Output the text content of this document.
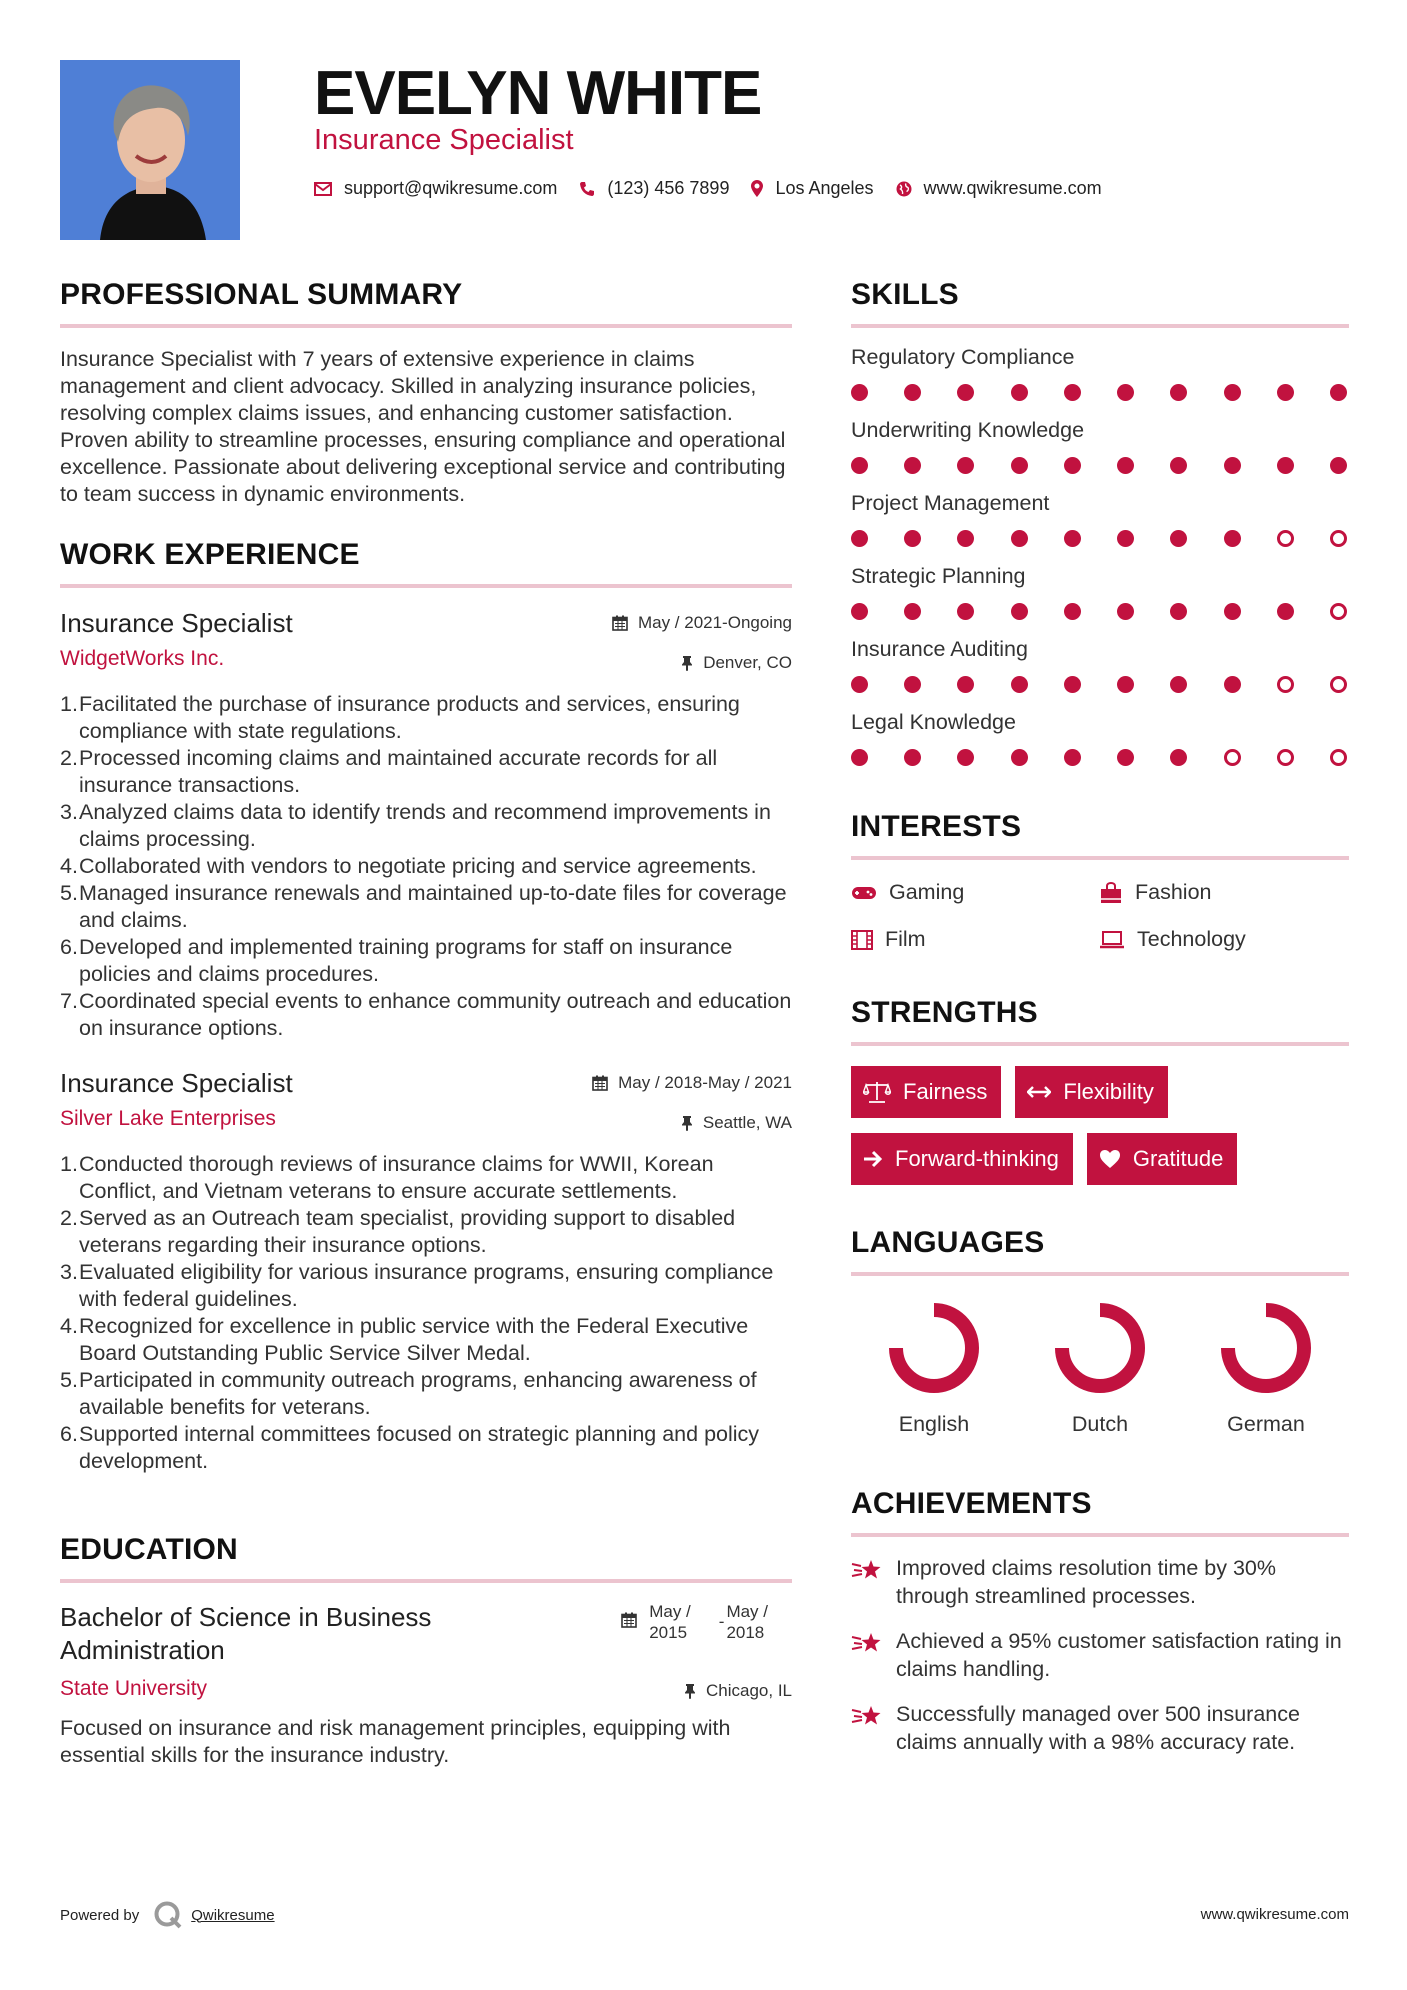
EVELYN WHITE
Insurance Specialist
support@qwikresume.com	(123) 456 7899	Los Angeles	www.qwikresume.com
PROFESSIONAL SUMMARY
Insurance Specialist with 7 years of extensive experience in claims management and client advocacy. Skilled in analyzing insurance policies, resolving complex claims issues, and enhancing customer satisfaction. Proven ability to streamline processes, ensuring compliance and operational excellence. Passionate about delivering exceptional service and contributing to team success in dynamic environments.
WORK EXPERIENCE
Insurance Specialist	May / 2021-Ongoing
WidgetWorks Inc.	Denver, CO
1. Facilitated the purchase of insurance products and services, ensuring compliance with state regulations.
2. Processed incoming claims and maintained accurate records for all insurance transactions.
3. Analyzed claims data to identify trends and recommend improvements in claims processing.
4. Collaborated with vendors to negotiate pricing and service agreements.
5. Managed insurance renewals and maintained up-to-date files for coverage and claims.
6. Developed and implemented training programs for staff on insurance policies and claims procedures.
7. Coordinated special events to enhance community outreach and education on insurance options.
Insurance Specialist	May / 2018-May / 2021
Silver Lake Enterprises	Seattle, WA
1. Conducted thorough reviews of insurance claims for WWII, Korean Conflict, and Vietnam veterans to ensure accurate settlements.
2. Served as an Outreach team specialist, providing support to disabled veterans regarding their insurance options.
3. Evaluated eligibility for various insurance programs, ensuring compliance with federal guidelines.
4. Recognized for excellence in public service with the Federal Executive Board Outstanding Public Service Silver Medal.
5. Participated in community outreach programs, enhancing awareness of available benefits for veterans.
6. Supported internal committees focused on strategic planning and policy development.
EDUCATION
Bachelor of Science in Business Administration
May /
2015
-
May /
2018
State University	Chicago, IL
Focused on insurance and risk management principles, equipping with essential skills for the insurance industry.
SKILLS
Regulatory Compliance
Underwriting Knowledge
Project Management
Strategic Planning
Insurance Auditing
Legal Knowledge
INTERESTS
Gaming	Fashion
Film	Technology
STRENGTHS
Fairness	Flexibility
Forward-thinking	Gratitude
LANGUAGES
English	Dutch	German
ACHIEVEMENTS
Improved claims resolution time by 30% through streamlined processes.
Achieved a 95% customer satisfaction rating in claims handling.
Successfully managed over 500 insurance claims annually with a 98% accuracy rate.
Powered by	Qwikresume	www.qwikresume.com
